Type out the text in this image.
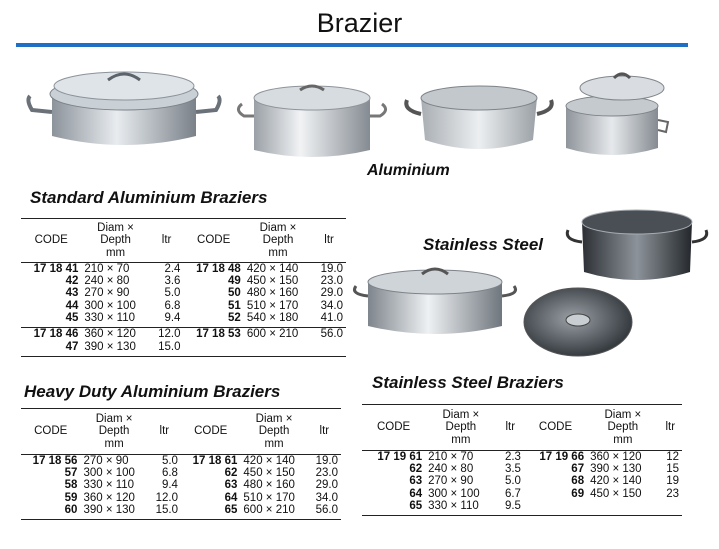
Brazier
Aluminium
Stainless Steel
Standard Aluminium Braziers
CODE	Diam ×
Depth
mm	ltr	CODE	Diam ×
Depth
mm	ltr
17 18 41	210 × 70	2.4	17 18 48	420 × 140	19.0
42	240 × 80	3.6	49	450 × 150	23.0
43	270 × 90	5.0	50	480 × 160	29.0
44	300 × 100	6.8	51	510 × 170	34.0
45	330 × 110	9.4	52	540 × 180	41.0
17 18 46	360 × 120	12.0	17 18 53	600 × 210	56.0
47	390 × 130	15.0			
Heavy Duty Aluminium Braziers
CODE	Diam ×
Depth
mm	ltr	CODE	Diam ×
Depth
mm	ltr
17 18 56	270 × 90	5.0	17 18 61	420 × 140	19.0
57	300 × 100	6.8	62	450 × 150	23.0
58	330 × 110	9.4	63	480 × 160	29.0
59	360 × 120	12.0	64	510 × 170	34.0
60	390 × 130	15.0	65	600 × 210	56.0
Stainless Steel Braziers
CODE	Diam ×
Depth
mm	ltr	CODE	Diam ×
Depth
mm	ltr
17 19 61	210 × 70	2.3	17 19 66	360 × 120	12
62	240 × 80	3.5	67	390 × 130	15
63	270 × 90	5.0	68	420 × 140	19
64	300 × 100	6.7	69	450 × 150	23
65	330 × 110	9.5			
